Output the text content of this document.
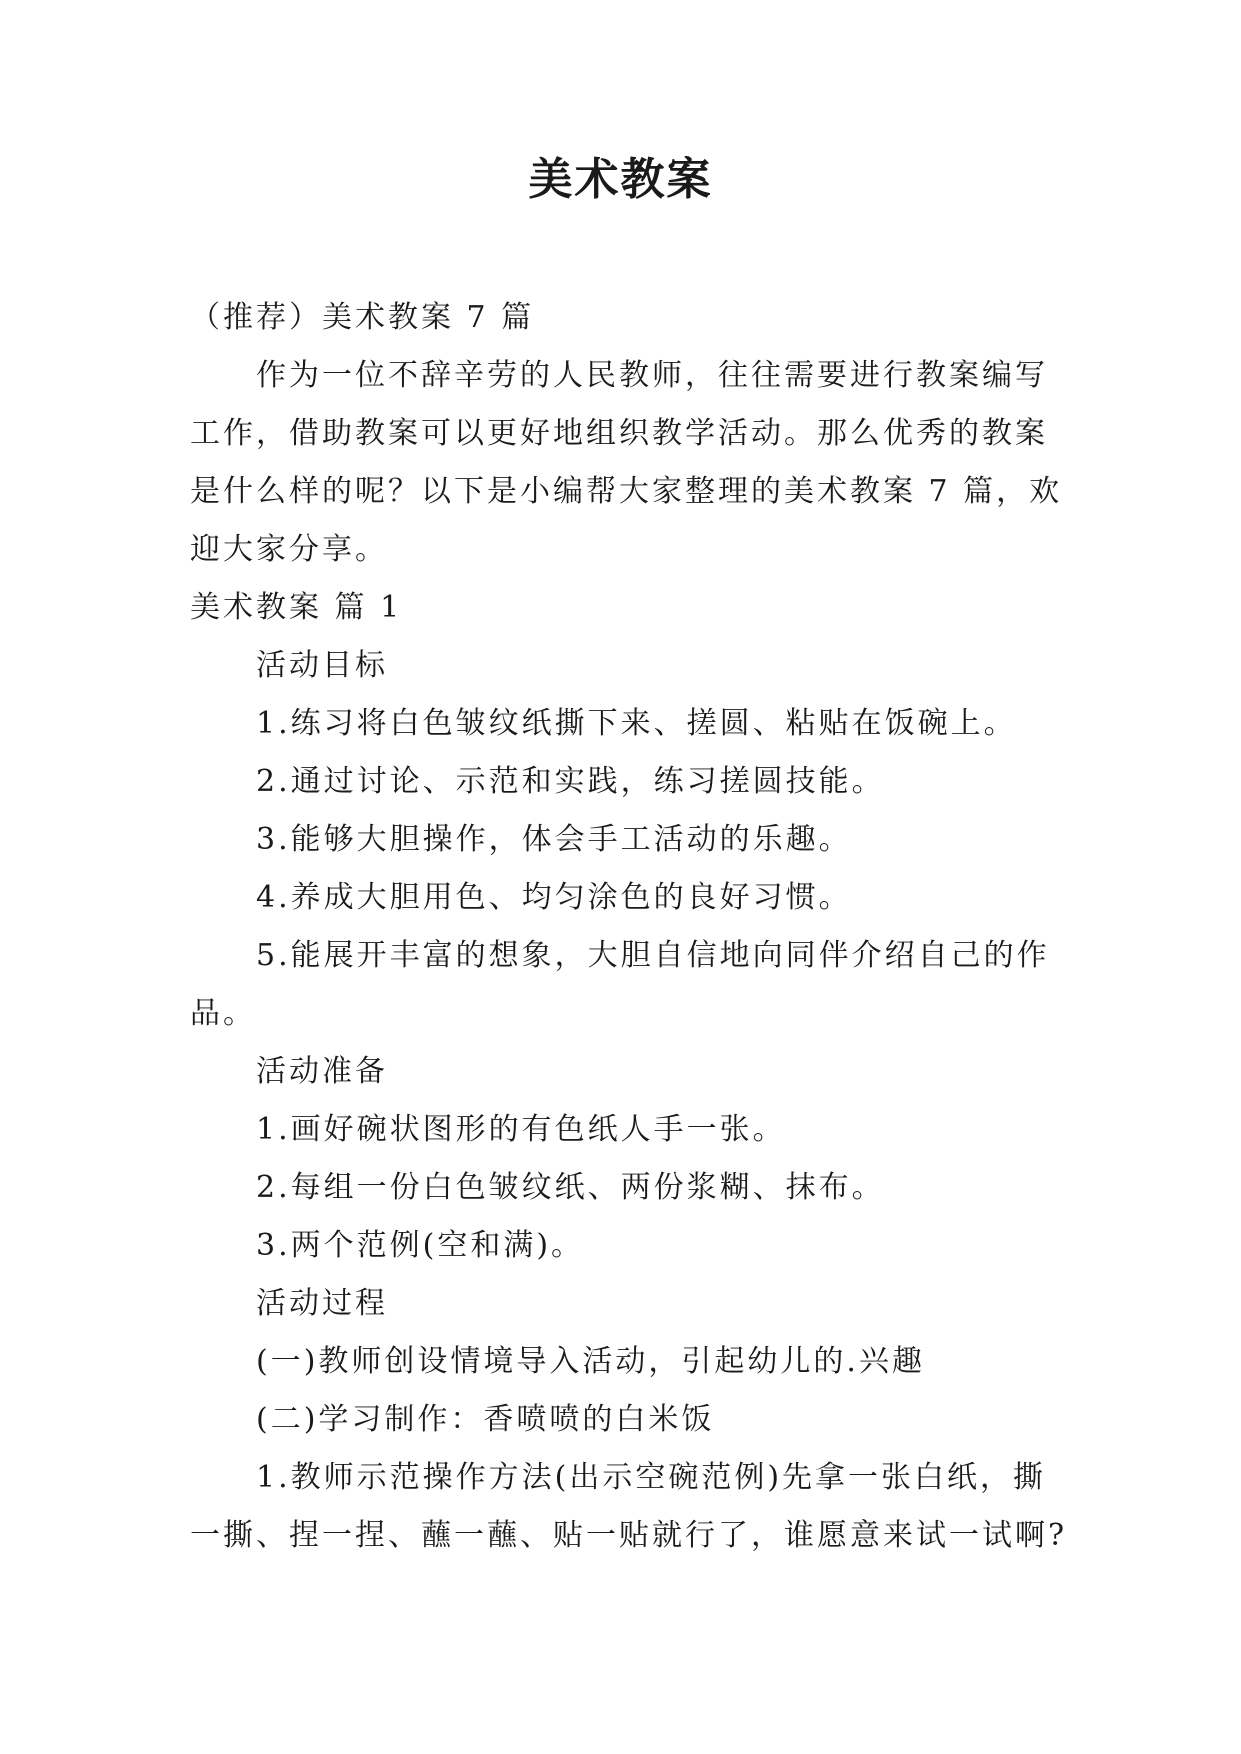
美术教案
（推荐）美术教案 7 篇
作为一位不辞辛劳的人民教师，往往需要进行教案编写
工作，借助教案可以更好地组织教学活动。那么优秀的教案
是什么样的呢？以下是小编帮大家整理的美术教案 7 篇，欢
迎大家分享。
美术教案 篇 1
活动目标
1.练习将白色皱纹纸撕下来、搓圆、粘贴在饭碗上。
2.通过讨论、示范和实践，练习搓圆技能。
3.能够大胆操作，体会手工活动的乐趣。
4.养成大胆用色、均匀涂色的良好习惯。
5.能展开丰富的想象，大胆自信地向同伴介绍自己的作
品。
活动准备
1.画好碗状图形的有色纸人手一张。
2.每组一份白色皱纹纸、两份浆糊、抹布。
3.两个范例(空和满)。
活动过程
(一)教师创设情境导入活动，引起幼儿的.兴趣
(二)学习制作：香喷喷的白米饭
1.教师示范操作方法(出示空碗范例)先拿一张白纸，撕
一撕、捏一捏、蘸一蘸、贴一贴就行了，谁愿意来试一试啊?
